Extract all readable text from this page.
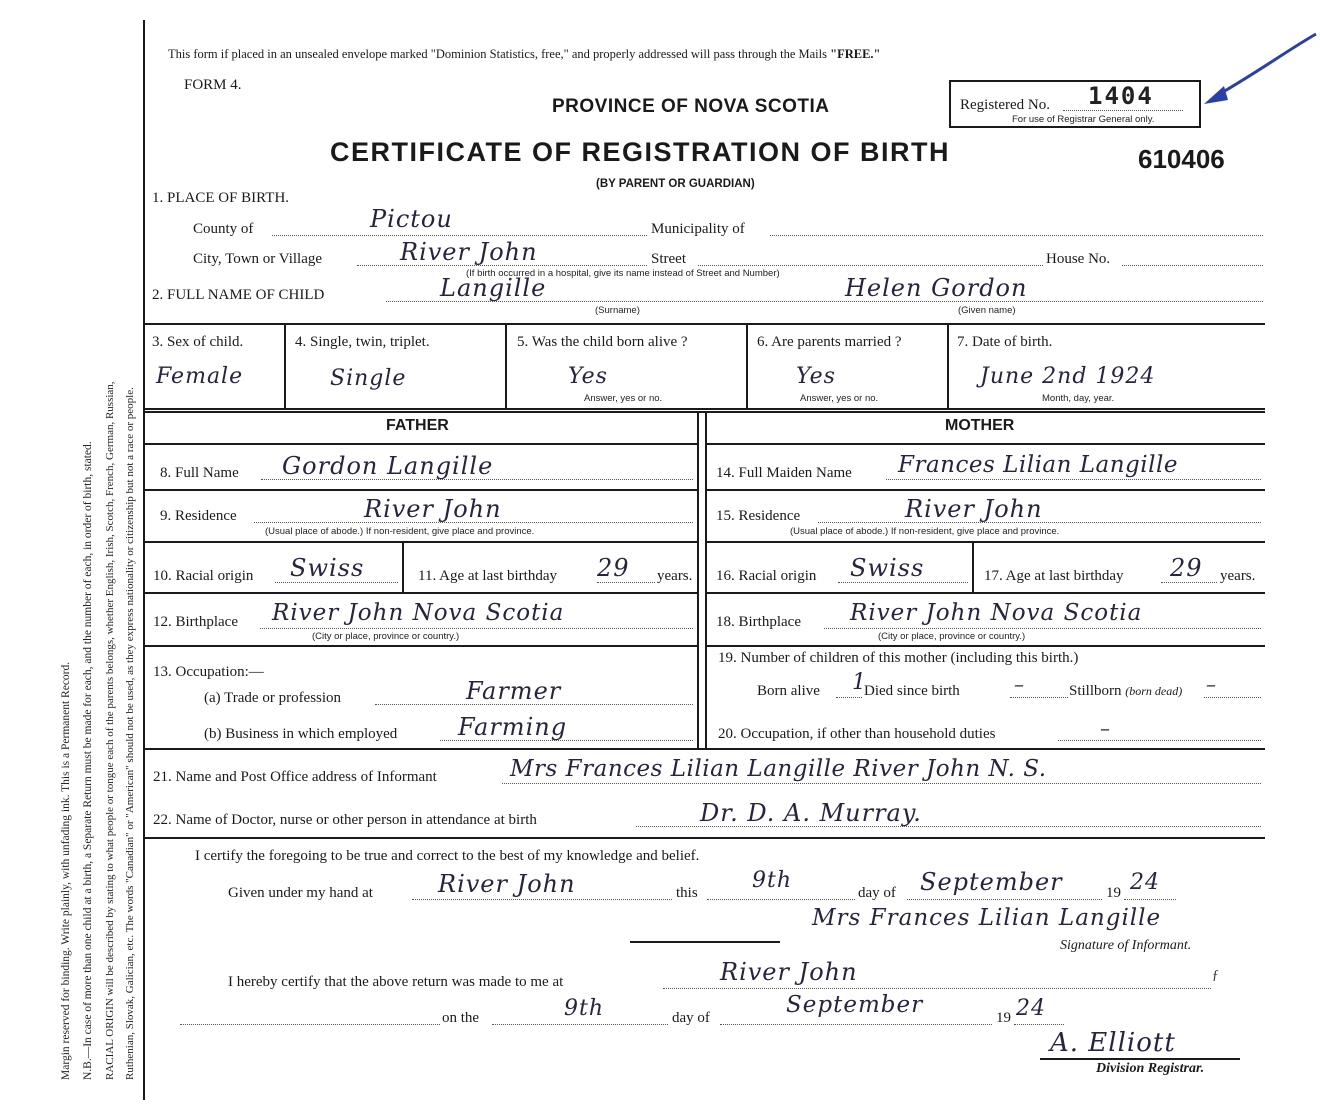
Margin reserved for binding. Write plainly, with unfading ink. This is a Permanent Record. N.B.—In case of more than one child at a birth, a Separate Return must be made for each, and the number of each, in order of birth, stated. RACIAL ORIGIN will be described by stating to what people or tongue each of the parents belongs, whether English, Irish, Scotch, French, German, Russian, Ruthenian, Slovak, Galician, etc. The words "Canadian" or "American" should not be used, as they express nationality or citizenship but not a race or people.
This form if placed in an unsealed envelope marked "Dominion Statistics, free," and properly addressed will pass through the Mails "FREE."
FORM 4.
PROVINCE OF NOVA SCOTIA
CERTIFICATE OF REGISTRATION OF BIRTH
(BY PARENT OR GUARDIAN)
610406
Registered No. 1404
For use of Registrar General only.
1. PLACE OF BIRTH.
County of	Pictou	Municipality of
City, Town or Village	River John	Street	House No.
(If birth occurred in a hospital, give its name instead of Street and Number)
2. FULL NAME OF CHILD	Langille	Helen Gordon
(Surname)	(Given name)
3. Sex of child.
Female
4. Single, twin, triplet.
Single
5. Was the child born alive ?
Yes
Answer, yes or no.
6. Are parents married ?
Yes
Answer, yes or no.
7. Date of birth.
June 2nd 1924
Month, day, year.
FATHER	MOTHER
8. Full Name Gordon Langille	14. Full Maiden Name Frances Lilian Langille
9. Residence	River John
(Usual place of abode.) If non-resident, give place and province.
15. Residence	River John
(Usual place of abode.) If non-resident, give place and province.
10. Racial origin Swiss	11. Age at last birthday 29 years. 16. Racial origin Swiss	17. Age at last birthday 29 years.
12. Birthplace River John Nova Scotia
(City or place, province or country.)
18. Birthplace River John Nova Scotia
(City or place, province or country.)
13. Occupation:—
(a) Trade or profession	Farmer
(b) Business in which employed	Farming
19. Number of children of this mother (including this birth.)
Born alive 1
Died since birth	–	Stillborn (born dead) –
20. Occupation, if other than household duties	–
21. Name and Post Office address of Informant	Mrs Frances Lilian Langille River John N. S.
22. Name of Doctor, nurse or other person in attendance at birth	Dr. D. A. Murray.
I certify the foregoing to be true and correct to the best of my knowledge and belief.
Given under my hand at	River John	this 9th	day of September	19 24
Mrs Frances Lilian Langille
Signature of Informant.
I hereby certify that the above return was made to me at	River John	ƒ
on the	9th	day of	September	19 24
A. Elliott
Division Registrar.
